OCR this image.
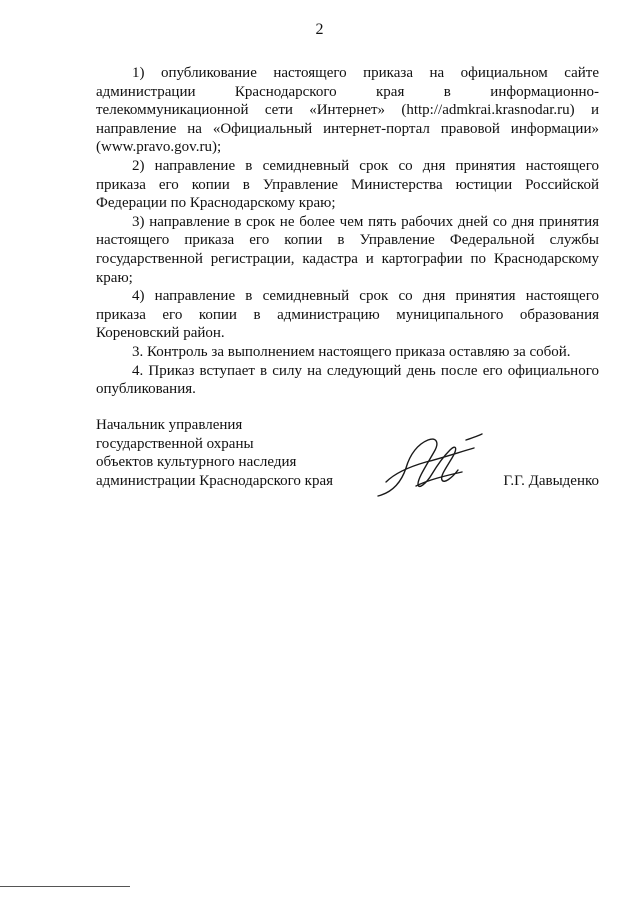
2

1) опубликование настоящего приказа на официальном сайте администрации Краснодарского края в информационно-телекоммуникационной сети «Интернет» (http://admkrai.krasnodar.ru) и направление на «Официальный интернет-портал правовой информации» (www.pravo.gov.ru);

2) направление в семидневный срок со дня принятия настоящего приказа его копии в Управление Министерства юстиции Российской Федерации по Краснодарскому краю;

3) направление в срок не более чем пять рабочих дней со дня принятия настоящего приказа его копии в Управление Федеральной службы государственной регистрации, кадастра и картографии по Краснодарскому краю;

4) направление в семидневный срок со дня принятия настоящего приказа его копии в администрацию муниципального образования Кореновский район.

3. Контроль за выполнением настоящего приказа оставляю за собой.

4. Приказ вступает в силу на следующий день после его официального опубликования.

Начальник управления
государственной охраны
объектов культурного наследия
администрации Краснодарского края	Г.Г. Давыденко
